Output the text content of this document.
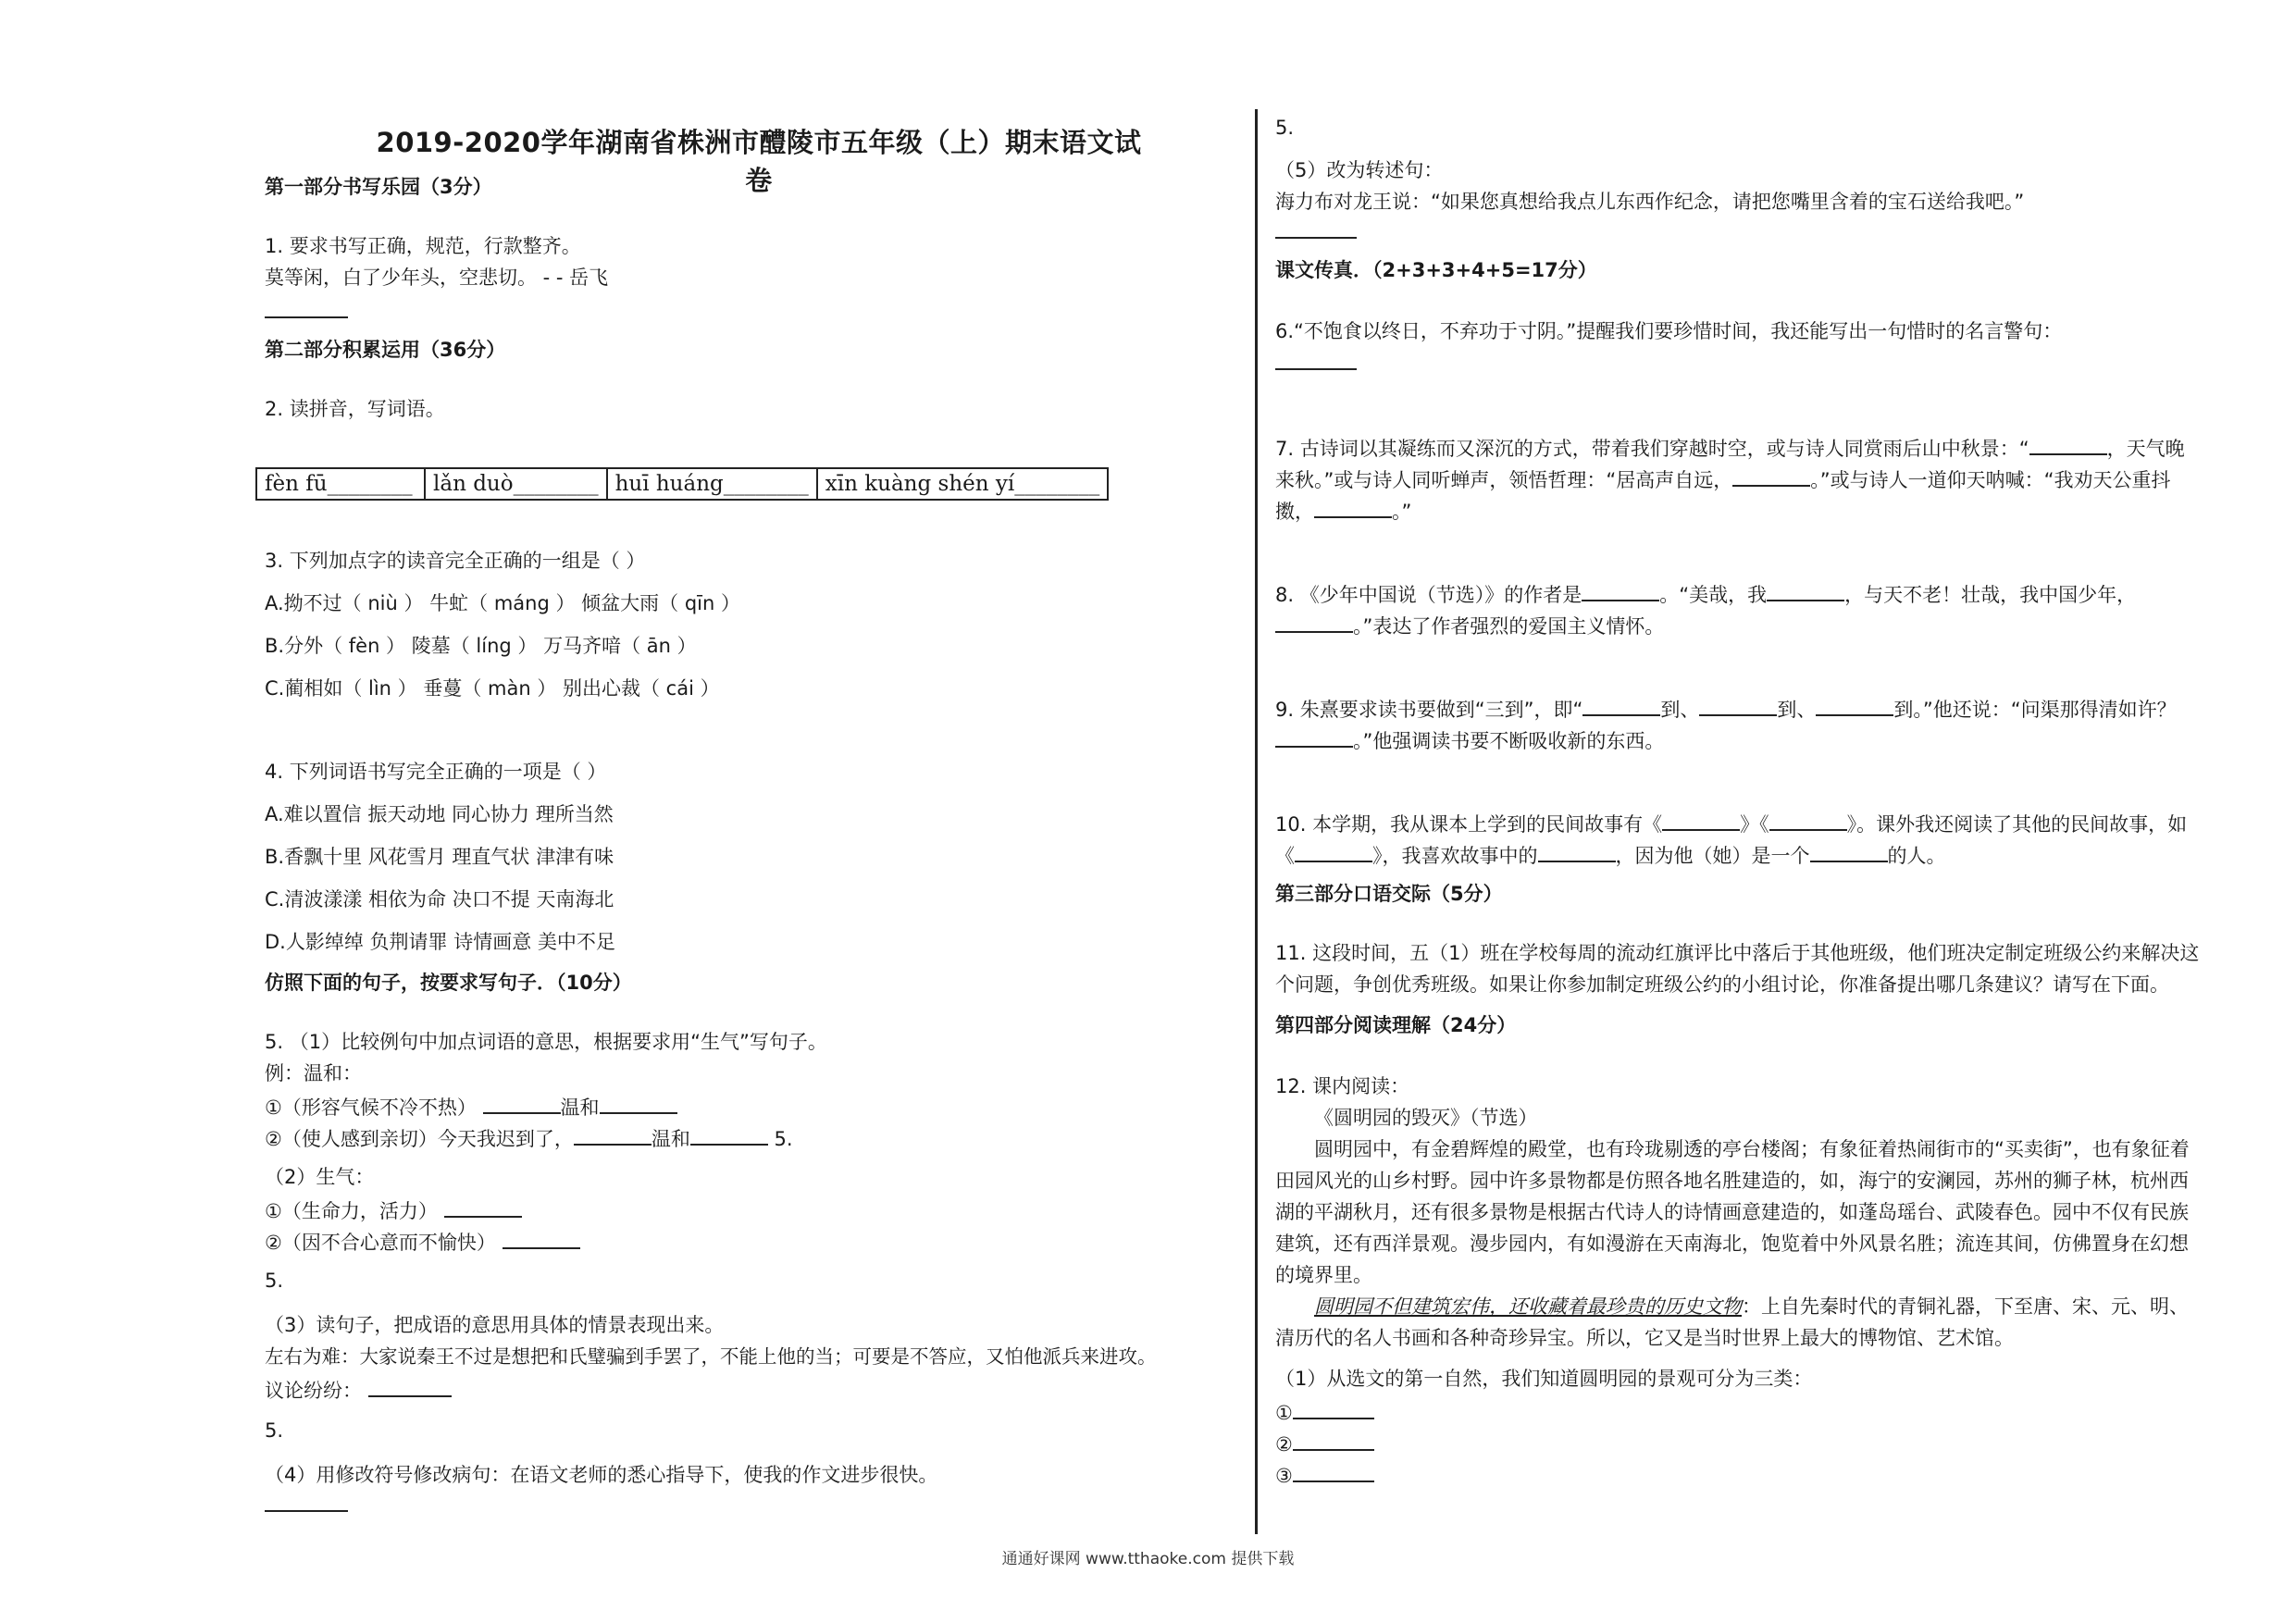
2019-2020学年湖南省株洲市醴陵市五年级（上）期末语文试卷
第一部分书写乐园（3分）
1. 要求书写正确，规范，行款整齐。
莫等闲，白了少年头，空悲切。 - - 岳飞
第二部分积累运用（36分）
2. 读拼音，写词语。
fèn fū________	lǎn duò________	huī huáng________	xīn kuàng shén yí________
3. 下列加点字的读音完全正确的一组是（ ）
A.拗不过（ niù ） 牛虻（ máng ） 倾盆大雨（ qīn ）
B.分外（ fèn ） 陵墓（ líng ） 万马齐喑（ ān ）
C.蔺相如（ lìn ） 垂蔓（ màn ） 别出心裁（ cái ）
4. 下列词语书写完全正确的一项是（ ）
A.难以置信 振天动地 同心协力 理所当然
B.香飘十里 风花雪月 理直气状 津津有味
C.清波漾漾 相依为命 决口不提 天南海北
D.人影绰绰 负荆请罪 诗情画意 美中不足
仿照下面的句子，按要求写句子．（10分）
5. （1）比较例句中加点词语的意思，根据要求用“生气”写句子。
例：温和：
①（形容气候不冷不热）	温和
②（使人感到亲切）今天我迟到了，	温和	5.
（2）生气：
①（生命力，活力）
②（因不合心意而不愉快）
5.
（3）读句子，把成语的意思用具体的情景表现出来。
左右为难：大家说秦王不过是想把和氏璧骗到手罢了，不能上他的当；可要是不答应，又怕他派兵来进攻。
议论纷纷：
5.
（4）用修改符号修改病句：在语文老师的悉心指导下，使我的作文进步很快。
5.
（5）改为转述句：
海力布对龙王说：“如果您真想给我点儿东西作纪念，请把您嘴里含着的宝石送给我吧。”
课文传真．（2+3+3+4+5=17分）
6.“不饱食以终日，不弃功于寸阴。”提醒我们要珍惜时间，我还能写出一句惜时的名言警句：
7. 古诗词以其凝练而又深沉的方式，带着我们穿越时空，或与诗人同赏雨后山中秋景：“	，天气晚
来秋。”或与诗人同听蝉声，领悟哲理：“居高声自远，	。”或与诗人一道仰天呐喊：“我劝天公重抖
擞，	。”
8. 《少年中国说（节选）》的作者是	。“美哉，我	，与天不老！壮哉，我中国少年，
。”表达了作者强烈的爱国主义情怀。
9. 朱熹要求读书要做到“三到”，即“	到、	到、	到。”他还说：“问渠那得清如许？
。”他强调读书要不断吸收新的东西。
10. 本学期，我从课本上学到的民间故事有《	》《	》。课外我还阅读了其他的民间故事，如
《	》，我喜欢故事中的	，因为他（她）是一个	的人。
第三部分口语交际（5分）
11. 这段时间，五（1）班在学校每周的流动红旗评比中落后于其他班级，他们班决定制定班级公约来解决这
个问题，争创优秀班级。如果让你参加制定班级公约的小组讨论，你准备提出哪几条建议？请写在下面。
第四部分阅读理解（24分）
12. 课内阅读：
《圆明园的毁灭》（节选）
圆明园中，有金碧辉煌的殿堂，也有玲珑剔透的亭台楼阁；有象征着热闹街市的“买卖街”，也有象征着
田园风光的山乡村野。园中许多景物都是仿照各地名胜建造的，如，海宁的安澜园，苏州的狮子林，杭州西
湖的平湖秋月，还有很多景物是根据古代诗人的诗情画意建造的，如蓬岛瑶台、武陵春色。园中不仅有民族
建筑，还有西洋景观。漫步园内，有如漫游在天南海北，饱览着中外风景名胜；流连其间，仿佛置身在幻想
的境界里。
圆明园不但建筑宏伟，还收藏着最珍贵的历史文物：上自先秦时代的青铜礼器，下至唐、宋、元、明、
清历代的名人书画和各种奇珍异宝。所以，它又是当时世界上最大的博物馆、艺术馆。
（1）从选文的第一自然，我们知道圆明园的景观可分为三类：
①
②
③
通通好课网 www.tthaoke.com 提供下载
